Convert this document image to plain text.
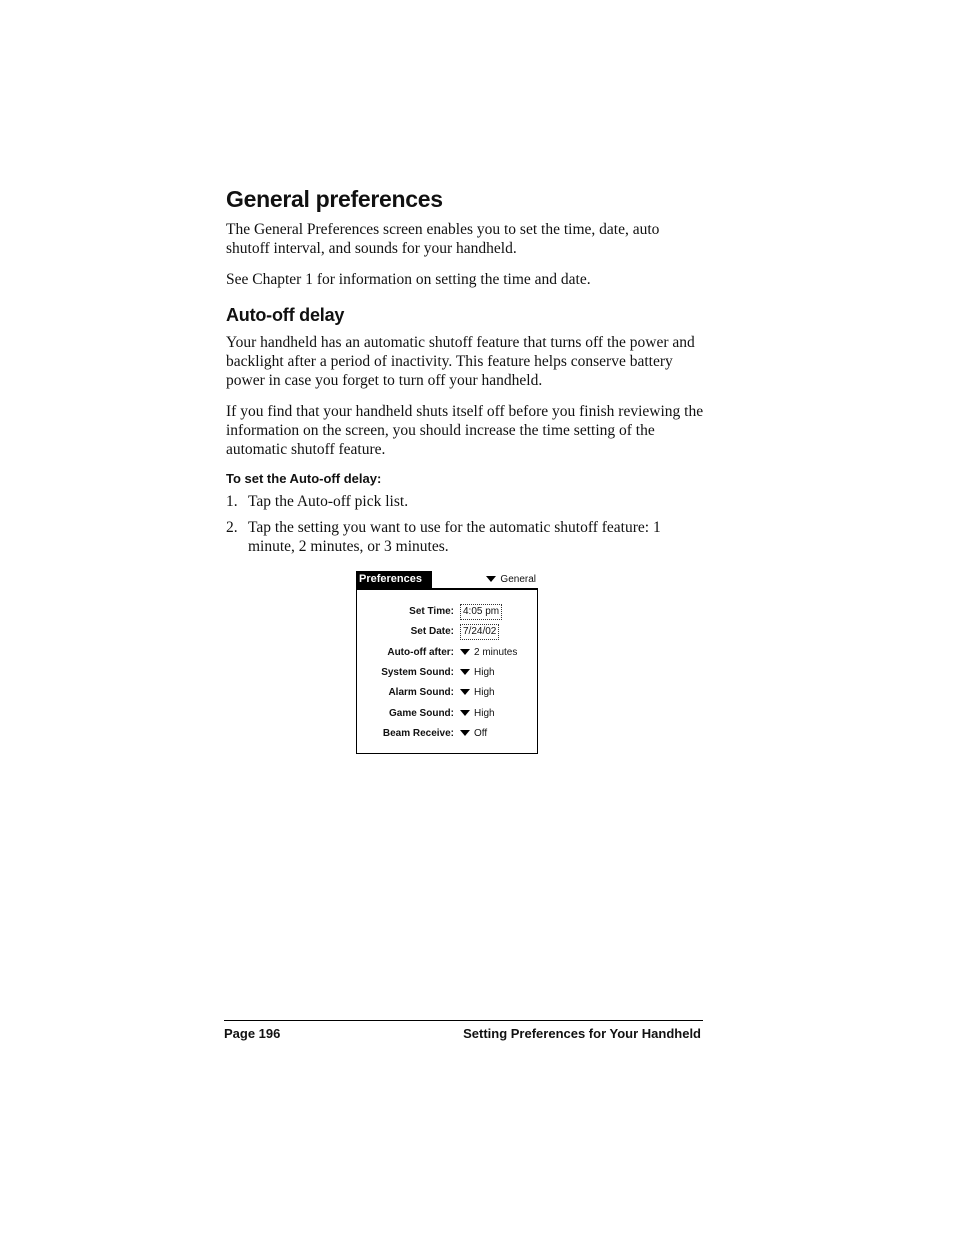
General preferences
The General Preferences screen enables you to set the time, date, auto shutoff interval, and sounds for your handheld.
See Chapter 1 for information on setting the time and date.
Auto-off delay
Your handheld has an automatic shutoff feature that turns off the power and backlight after a period of inactivity. This feature helps conserve battery power in case you forget to turn off your handheld.
If you find that your handheld shuts itself off before you finish reviewing the information on the screen, you should increase the time setting of the automatic shutoff feature.
To set the Auto-off delay:
1. Tap the Auto-off pick list.
2. Tap the setting you want to use for the automatic shutoff feature: 1 minute, 2 minutes, or 3 minutes.
Preferences	General
Set Time: 4:05 pm
Set Date: 7/24/02
Auto-off after:	2 minutes
System Sound:	High
Alarm Sound:	High
Game Sound:	High
Beam Receive:	Off
Page 196	Setting Preferences for Your Handheld
